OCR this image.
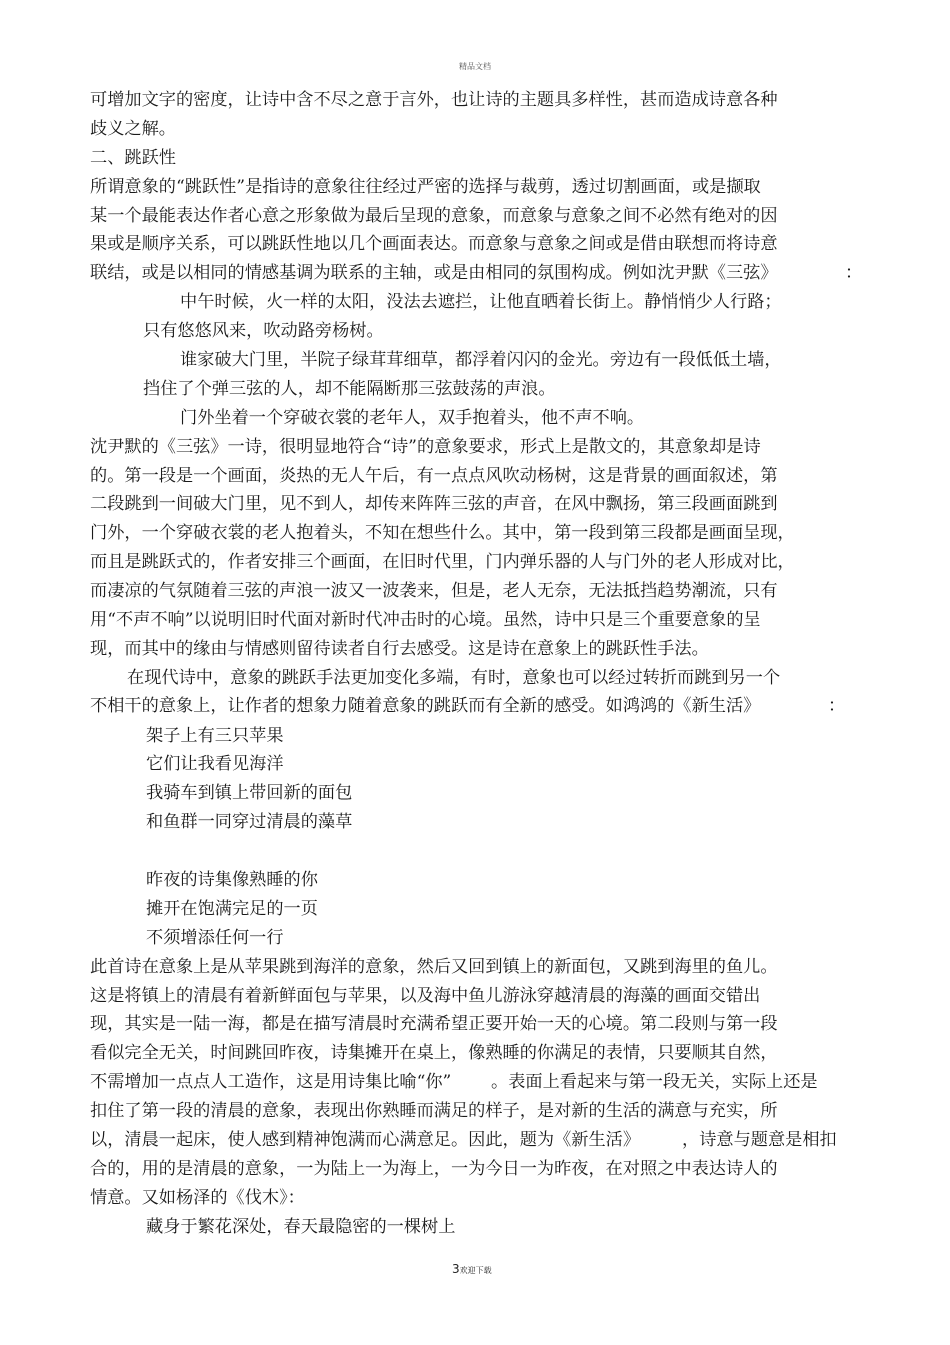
精品文档
可增加文字的密度，让诗中含不尽之意于言外，也让诗的主题具多样性，甚而造成诗意各种
歧义之解。
二、跳跃性
所谓意象的“跳跃性”是指诗的意象往往经过严密的选择与裁剪，透过切割画面，或是撷取
某一个最能表达作者心意之形象做为最后呈现的意象，而意象与意象之间不必然有绝对的因
果或是顺序关系，可以跳跃性地以几个画面表达。而意象与意象之间或是借由联想而将诗意
联结，或是以相同的情感基调为联系的主轴，或是由相同的氛围构成。例如沈尹默《三弦》	：
中午时候，火一样的太阳，没法去遮拦，让他直晒着长街上。静悄悄少人行路；
只有悠悠风来，吹动路旁杨树。
谁家破大门里，半院子绿茸茸细草，都浮着闪闪的金光。旁边有一段低低土墙，
挡住了个弹三弦的人，却不能隔断那三弦鼓荡的声浪。
门外坐着一个穿破衣裳的老年人，双手抱着头，他不声不响。
沈尹默的《三弦》一诗，很明显地符合“诗”的意象要求，形式上是散文的，其意象却是诗
的。第一段是一个画面，炎热的无人午后，有一点点风吹动杨树，这是背景的画面叙述，第
二段跳到一间破大门里，见不到人，却传来阵阵三弦的声音，在风中飘扬，第三段画面跳到
门外，一个穿破衣裳的老人抱着头，不知在想些什么。其中，第一段到第三段都是画面呈现，
而且是跳跃式的，作者安排三个画面，在旧时代里，门内弹乐器的人与门外的老人形成对比，
而凄凉的气氛随着三弦的声浪一波又一波袭来，但是，老人无奈，无法抵挡趋势潮流，只有
用“不声不响”以说明旧时代面对新时代冲击时的心境。虽然，诗中只是三个重要意象的呈
现，而其中的缘由与情感则留待读者自行去感受。这是诗在意象上的跳跃性手法。
在现代诗中，意象的跳跃手法更加变化多端，有时，意象也可以经过转折而跳到另一个
不相干的意象上，让作者的想象力随着意象的跳跃而有全新的感受。如鸿鸿的《新生活》	：
架子上有三只苹果
它们让我看见海洋
我骑车到镇上带回新的面包
和鱼群一同穿过清晨的藻草
昨夜的诗集像熟睡的你
摊开在饱满完足的一页
不须增添任何一行
此首诗在意象上是从苹果跳到海洋的意象，然后又回到镇上的新面包，又跳到海里的鱼儿。
这是将镇上的清晨有着新鲜面包与苹果，以及海中鱼儿游泳穿越清晨的海藻的画面交错出
现，其实是一陆一海，都是在描写清晨时充满希望正要开始一天的心境。第二段则与第一段
看似完全无关，时间跳回昨夜，诗集摊开在桌上，像熟睡的你满足的表情，只要顺其自然，
不需增加一点点人工造作，这是用诗集比喻“你” 。表面上看起来与第一段无关，实际上还是
扣住了第一段的清晨的意象，表现出你熟睡而满足的样子，是对新的生活的满意与充实，所
以，清晨一起床，使人感到精神饱满而心满意足。因此，题为《新生活》 ，诗意与题意是相扣
合的，用的是清晨的意象，一为陆上一为海上，一为今日一为昨夜，在对照之中表达诗人的
情意。又如杨泽的《伐木》：
藏身于繁花深处，春天最隐密的一棵树上
3欢迎下载
